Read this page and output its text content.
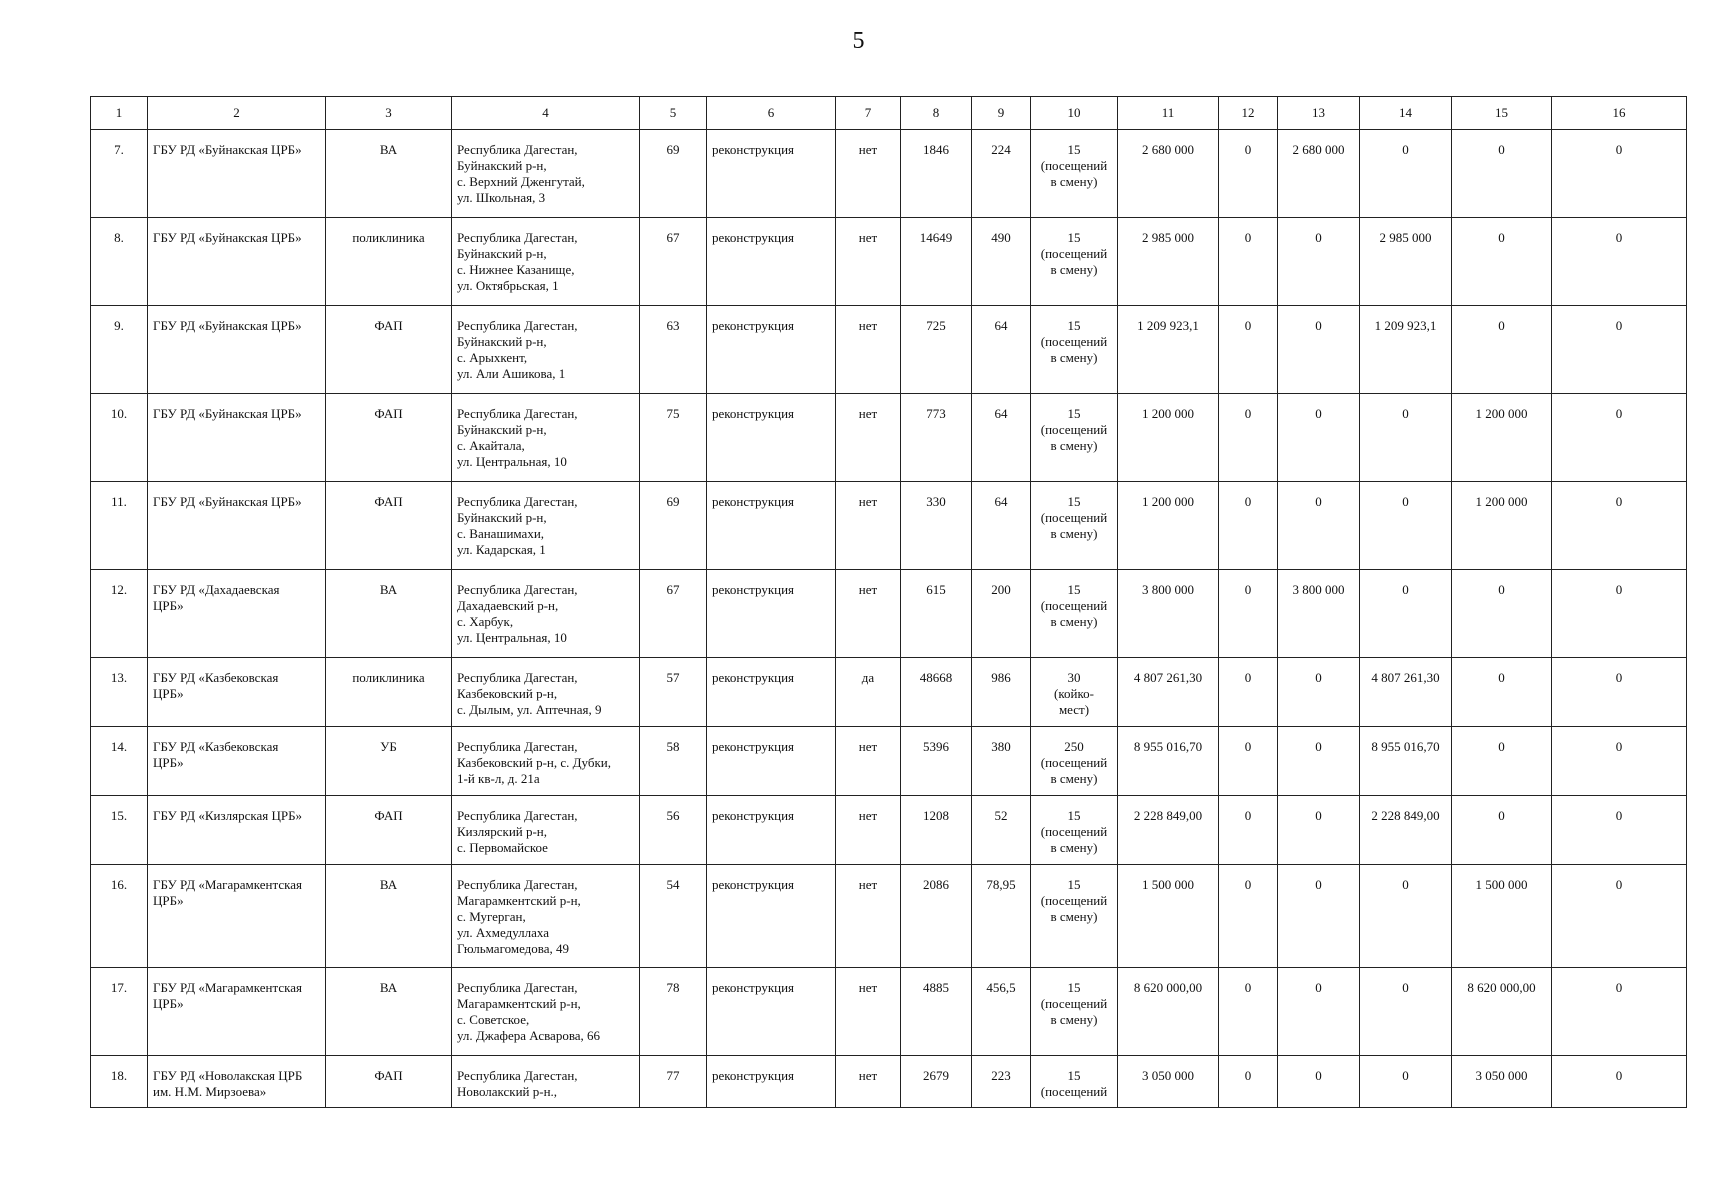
5
1	2	3	4	5	6	7	8	9	10	11	12	13	14	15	16
7.	ГБУ РД «Буйнакская ЦРБ»	ВА	Республика Дагестан,
Буйнакский р-н,
с. Верхний Дженгутай,
ул. Школьная, 3	69	реконструкция	нет	1846	224	15
(посещений
в смену)	2 680 000	0	2 680 000	0	0	0
8.	ГБУ РД «Буйнакская ЦРБ»	поликлиника	Республика Дагестан,
Буйнакский р-н,
с. Нижнее Казанище,
ул. Октябрьская, 1	67	реконструкция	нет	14649	490	15
(посещений
в смену)	2 985 000	0	0	2 985 000	0	0
9.	ГБУ РД «Буйнакская ЦРБ»	ФАП	Республика Дагестан,
Буйнакский р-н,
с. Арыхкент,
ул. Али Ашикова, 1	63	реконструкция	нет	725	64	15
(посещений
в смену)	1 209 923,1	0	0	1 209 923,1	0	0
10.	ГБУ РД «Буйнакская ЦРБ»	ФАП	Республика Дагестан,
Буйнакский р-н,
с. Акайтала,
ул. Центральная, 10	75	реконструкция	нет	773	64	15
(посещений
в смену)	1 200 000	0	0	0	1 200 000	0
11.	ГБУ РД «Буйнакская ЦРБ»	ФАП	Республика Дагестан,
Буйнакский р-н,
с. Ванашимахи,
ул. Кадарская, 1	69	реконструкция	нет	330	64	15
(посещений
в смену)	1 200 000	0	0	0	1 200 000	0
12.	ГБУ РД «Дахадаевская
ЦРБ»	ВА	Республика Дагестан,
Дахадаевский р-н,
с. Харбук,
ул. Центральная, 10	67	реконструкция	нет	615	200	15
(посещений
в смену)	3 800 000	0	3 800 000	0	0	0
13.	ГБУ РД «Казбековская
ЦРБ»	поликлиника	Республика Дагестан,
Казбековский р-н,
с. Дылым, ул. Аптечная, 9	57	реконструкция	да	48668	986	30
(койко-
мест)	4 807 261,30	0	0	4 807 261,30	0	0
14.	ГБУ РД «Казбековская
ЦРБ»	УБ	Республика Дагестан,
Казбековский р-н, с. Дубки,
1-й кв-л, д. 21а	58	реконструкция	нет	5396	380	250
(посещений
в смену)	8 955 016,70	0	0	8 955 016,70	0	0
15.	ГБУ РД «Кизлярская ЦРБ»	ФАП	Республика Дагестан,
Кизлярский р-н,
с. Первомайское	56	реконструкция	нет	1208	52	15
(посещений
в смену)	2 228 849,00	0	0	2 228 849,00	0	0
16.	ГБУ РД «Магарамкентская
ЦРБ»	ВА	Республика Дагестан,
Магарамкентский р-н,
с. Мугерган,
ул. Ахмедуллаха
Гюльмагомедова, 49	54	реконструкция	нет	2086	78,95	15
(посещений
в смену)	1 500 000	0	0	0	1 500 000	0
17.	ГБУ РД «Магарамкентская
ЦРБ»	ВА	Республика Дагестан,
Магарамкентский р-н,
с. Советское,
ул. Джафера Асварова, 66	78	реконструкция	нет	4885	456,5	15
(посещений
в смену)	8 620 000,00	0	0	0	8 620 000,00	0
18.	ГБУ РД «Новолакская ЦРБ
им. Н.М. Мирзоева»	ФАП	Республика Дагестан,
Новолакский р-н.,	77	реконструкция	нет	2679	223	15
(посещений	3 050 000	0	0	0	3 050 000	0
